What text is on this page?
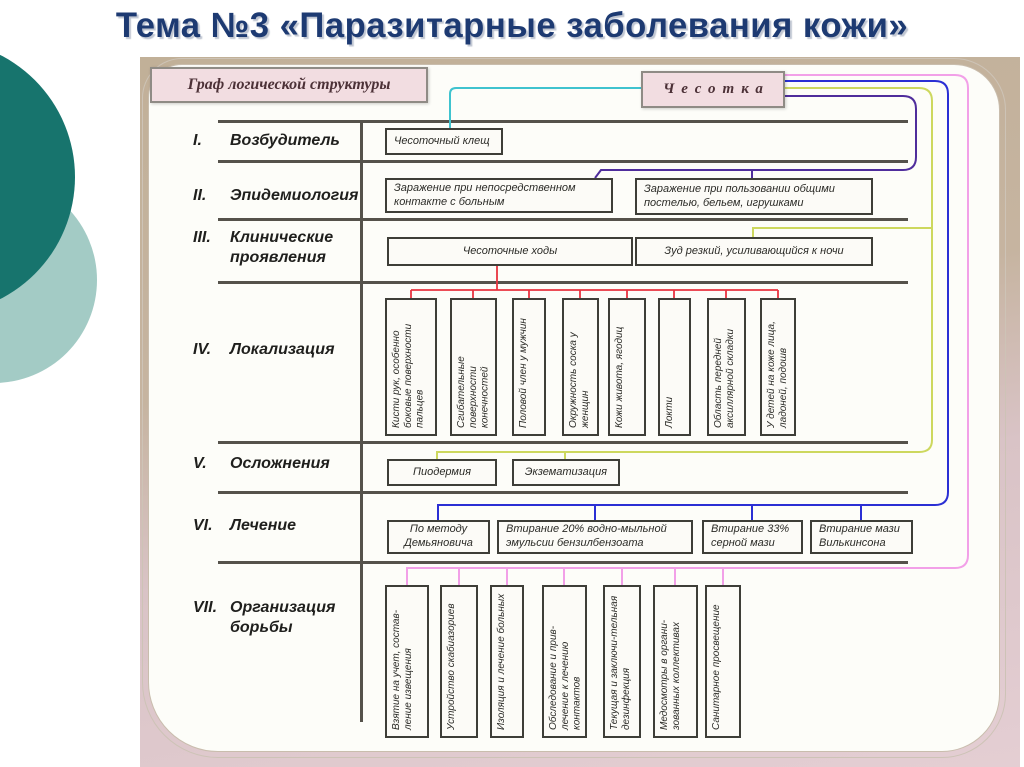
Тема №3 «Паразитарные заболевания кожи»
Граф логической структуры	Чесотка
I.	Возбудитель
II.	Эпидемиология
III.	Клинические проявления
IV.	Локализация
V.	Осложнения
VI.	Лечение
VII. Организация борьбы
Чесоточный клещ
Заражение при непосредственном контакте с больным
Заражение при пользовании общими постелью, бельем, игрушками
Чесоточные ходы	Зуд резкий, усиливающийся к ночи
Кисти рук, особенно боковые поверхности пальцев	Сгибательные поверхности конечностей	Половой член у мужчин	Окружность соска у женщин	Кожи живота, ягодиц	Локти	Область передней аксиллярной складки	У детей на коже лица, ладоней, подошв
Пиодермия	Экзематизация
По методу Демьяновича
Втирание 20% водно-мыльной эмульсии бензилбензоата
Втирание 33% серной мази
Втирание мази Вилькинсона
Взятие на учет, состав-ление извещения	Устройство скабиазориев	Изоляция и лечение больных	Обследование и прив-лечение к лечению контактов	Текущая и заключи-тельная дезинфекция	Медосмотры в органи-зованных коллективах	Санитарное просвещение
